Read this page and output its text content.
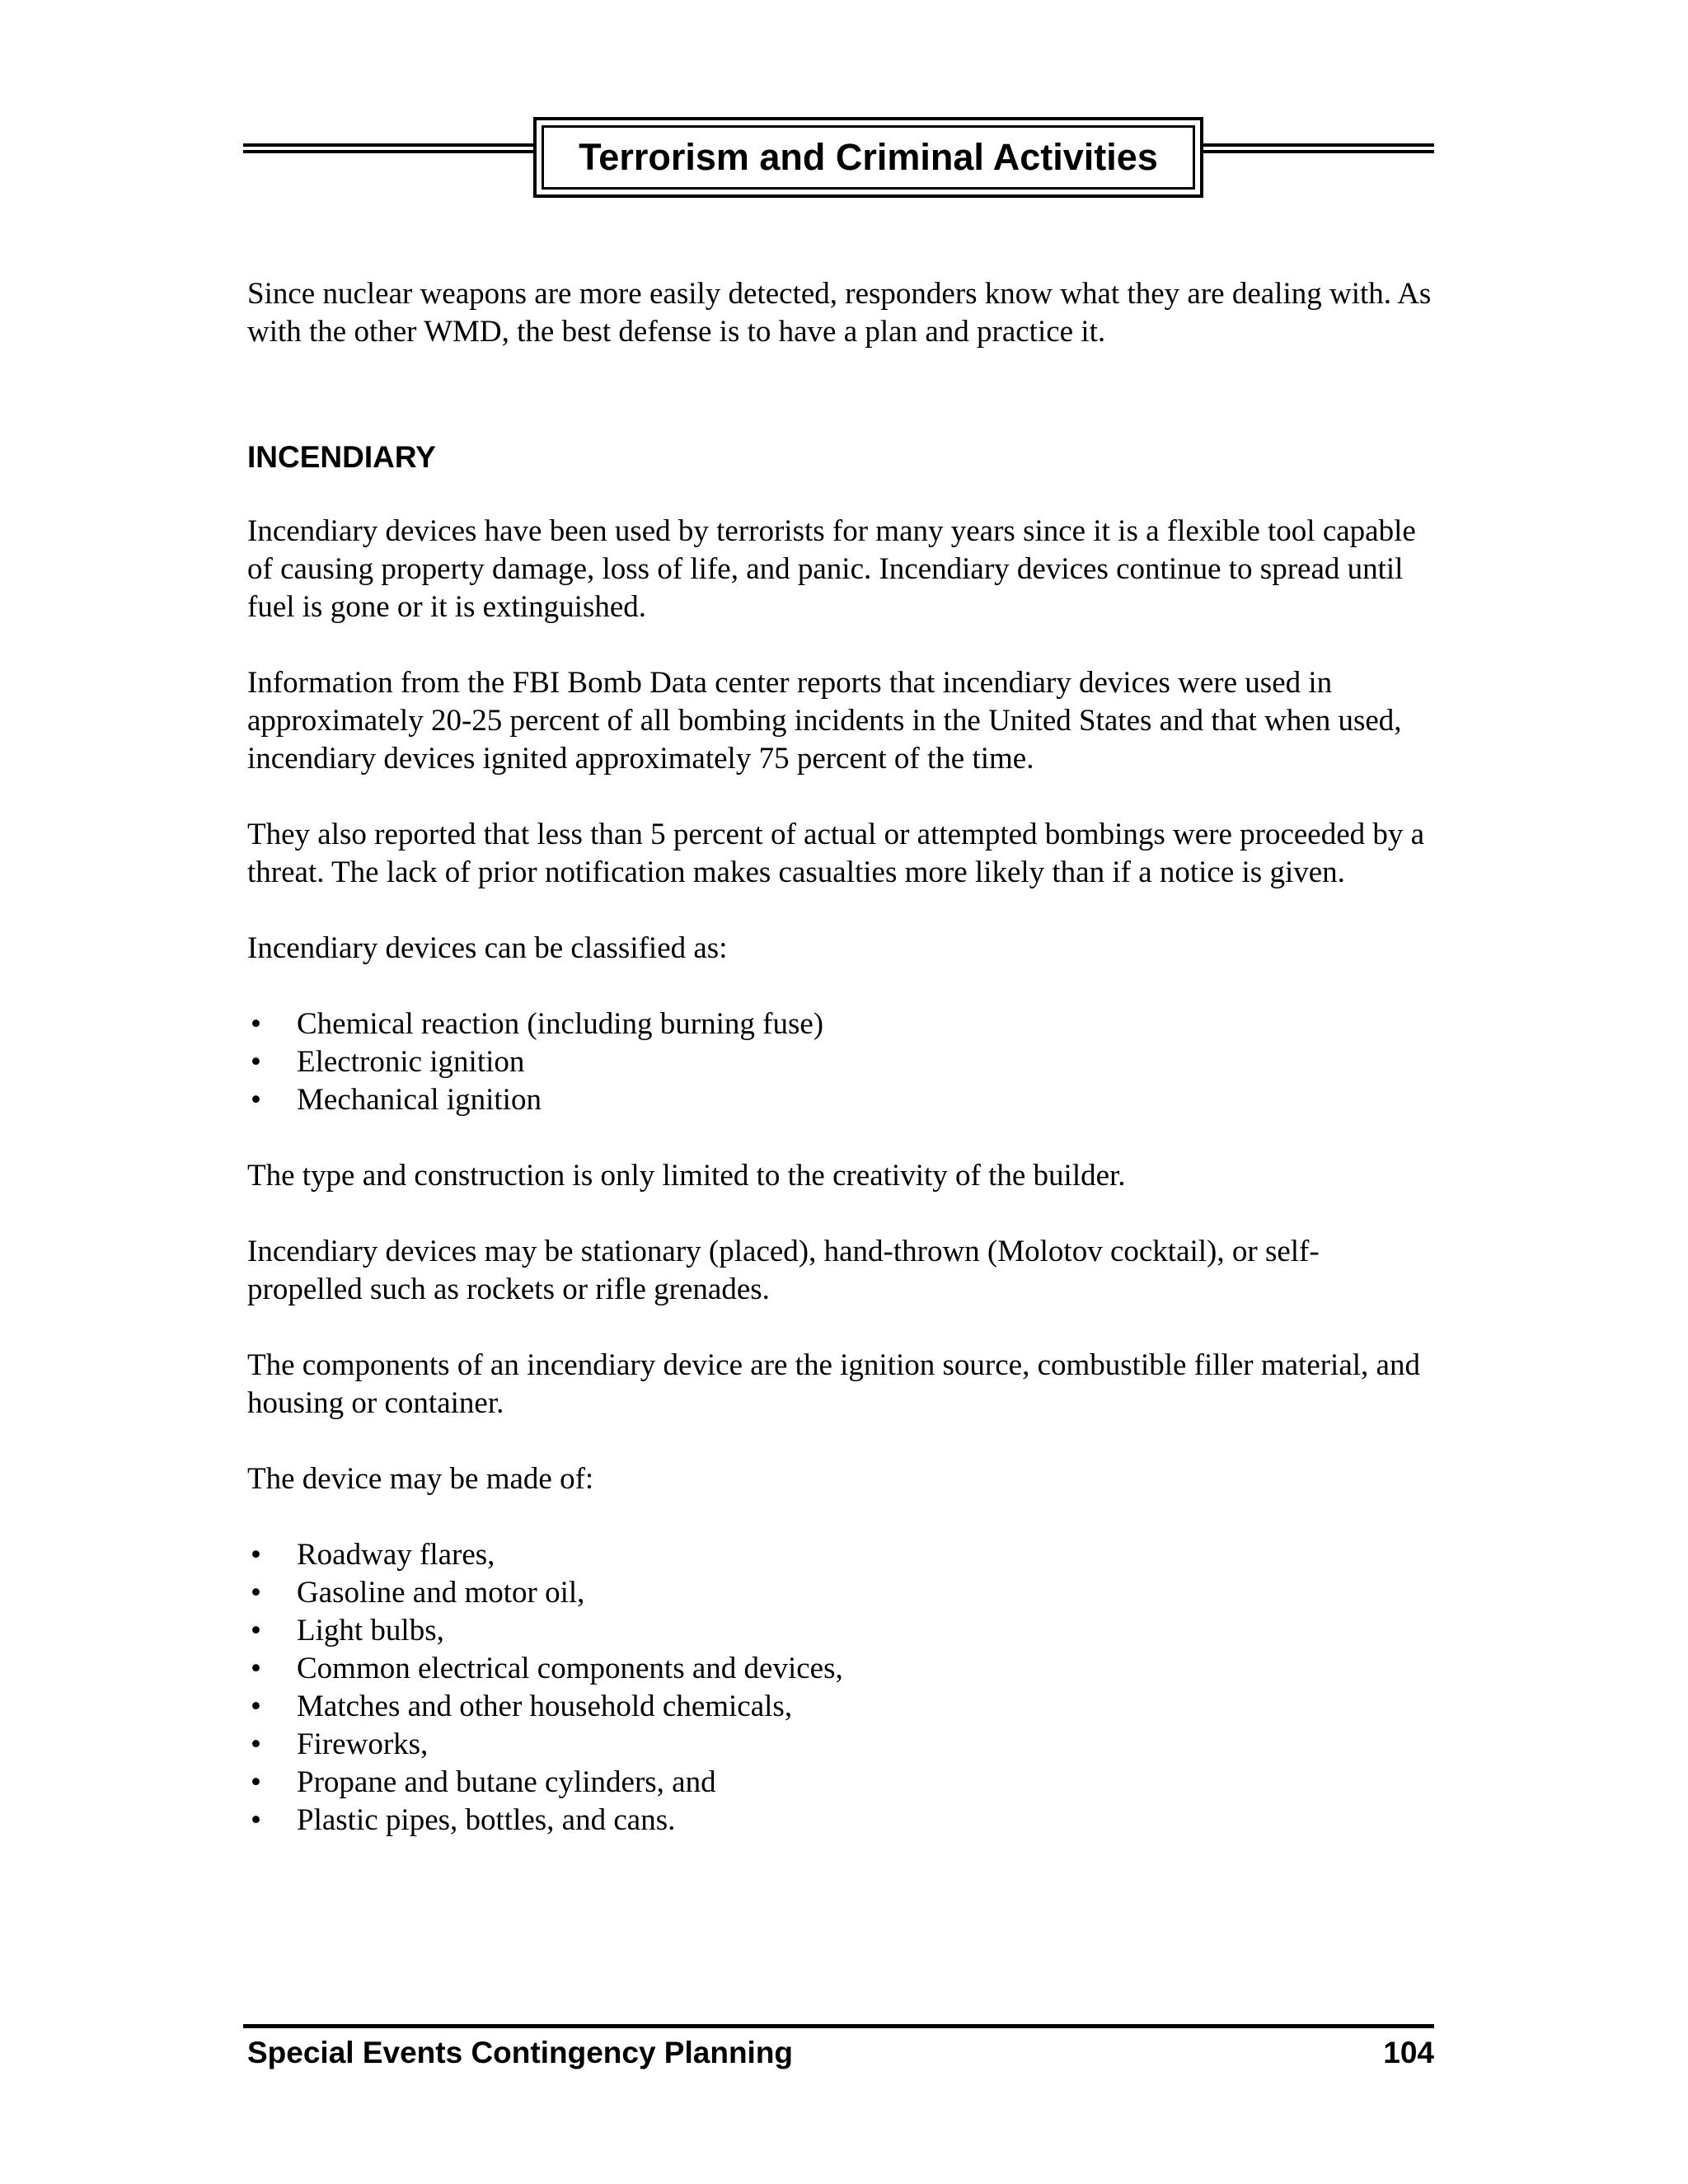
Terrorism and Criminal Activities

Since nuclear weapons are more easily detected, responders know what they are dealing with. As with the other WMD, the best defense is to have a plan and practice it.

INCENDIARY

Incendiary devices have been used by terrorists for many years since it is a flexible tool capable of causing property damage, loss of life, and panic. Incendiary devices continue to spread until fuel is gone or it is extinguished.

Information from the FBI Bomb Data center reports that incendiary devices were used in approximately 20-25 percent of all bombing incidents in the United States and that when used, incendiary devices ignited approximately 75 percent of the time.

They also reported that less than 5 percent of actual or attempted bombings were proceeded by a threat. The lack of prior notification makes casualties more likely than if a notice is given.

Incendiary devices can be classified as:

• Chemical reaction (including burning fuse)
• Electronic ignition
• Mechanical ignition

The type and construction is only limited to the creativity of the builder.

Incendiary devices may be stationary (placed), hand-thrown (Molotov cocktail), or self-propelled such as rockets or rifle grenades.

The components of an incendiary device are the ignition source, combustible filler material, and housing or container.

The device may be made of:

• Roadway flares,
• Gasoline and motor oil,
• Light bulbs,
• Common electrical components and devices,
• Matches and other household chemicals,
• Fireworks,
• Propane and butane cylinders, and
• Plastic pipes, bottles, and cans.
Special Events Contingency Planning	104
